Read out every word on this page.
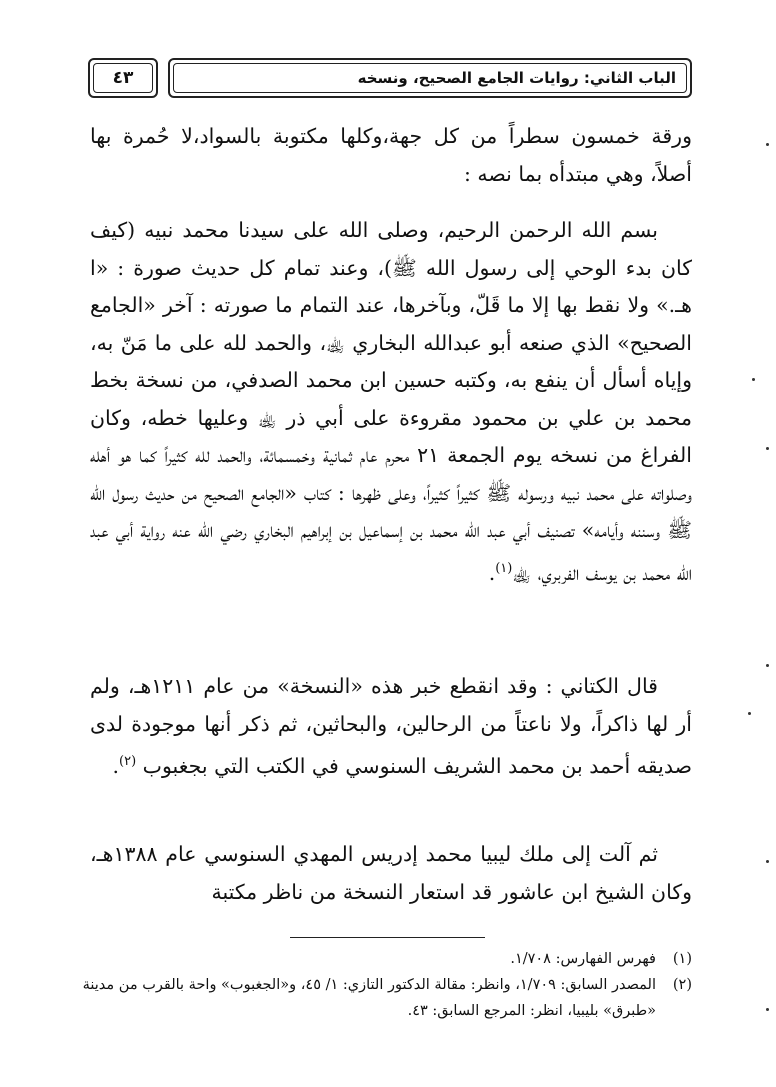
الباب الثاني: روايات الجامع الصحيح، ونسخه
٤٣

ورقة خمسون سطراً من كل جهة،وكلها مكتوبة بالسواد،لا حُمرة بها أصلاً، وهي مبتدأه بما نصه :

بسم الله الرحمن الرحيم، وصلى الله على سيدنا محمد نبيه (كيف كان بدء الوحي إلى رسول الله ﷺ)، وعند تمام كل حديث صورة : «ا هـ.» ولا نقط بها إلا ما قَلّ، وبآخرها، عند التمام ما صورته : آخر «الجامع الصحيح» الذي صنعه أبو عبدالله البخاري ﵀، والحمد لله على ما مَنّ به، وإياه أسأل أن ينفع به، وكتبه حسين ابن محمد الصدفي، من نسخة بخط محمد بن علي بن محمود مقروءة على أبي ذر ﵀ وعليها خطه، وكان الفراغ من نسخه يوم الجمعة ٢١ محرم عام ثمانية وخمسمائة، والحمد لله كثيراً كما هو أهله وصلواته على محمد نبيه ورسوله ﷺ كثيراً كثيراً، وعلى ظهرها : كتاب «الجامع الصحيح من حديث رسول الله ﷺ وسننه وأيامه» تصنيف أبي عبد الله محمد بن إسماعيل بن إبراهيم البخاري رضي الله عنه رواية أبي عبد الله محمد بن يوسف الفربري، ﵀$^{(١)}$.

قال الكتاني : وقد انقطع خبر هذه «النسخة» من عام ١٢١١هـ، ولم أر لها ذاكراً، ولا ناعتاً من الرحالين، والبحاثين، ثم ذكر أنها موجودة لدى صديقه أحمد بن محمد الشريف السنوسي في الكتب التي بجغبوب $^{(٢)}$.

ثم آلت إلى ملك ليبيا محمد إدريس المهدي السنوسي عام ١٣٨٨هـ، وكان الشيخ ابن عاشور قد استعار النسخة من ناظر مكتبة

(١)
فهرس الفهارس: ١/٧٠٨.

(٢)
المصدر السابق: ١/٧٠٩، وانظر: مقالة الدكتور التازي: ١/ ٤٥، و«الجغبوب» واحة بالقرب من مدينة «طبرق» بليبيا، انظر: المرجع السابق: ٤٣.
